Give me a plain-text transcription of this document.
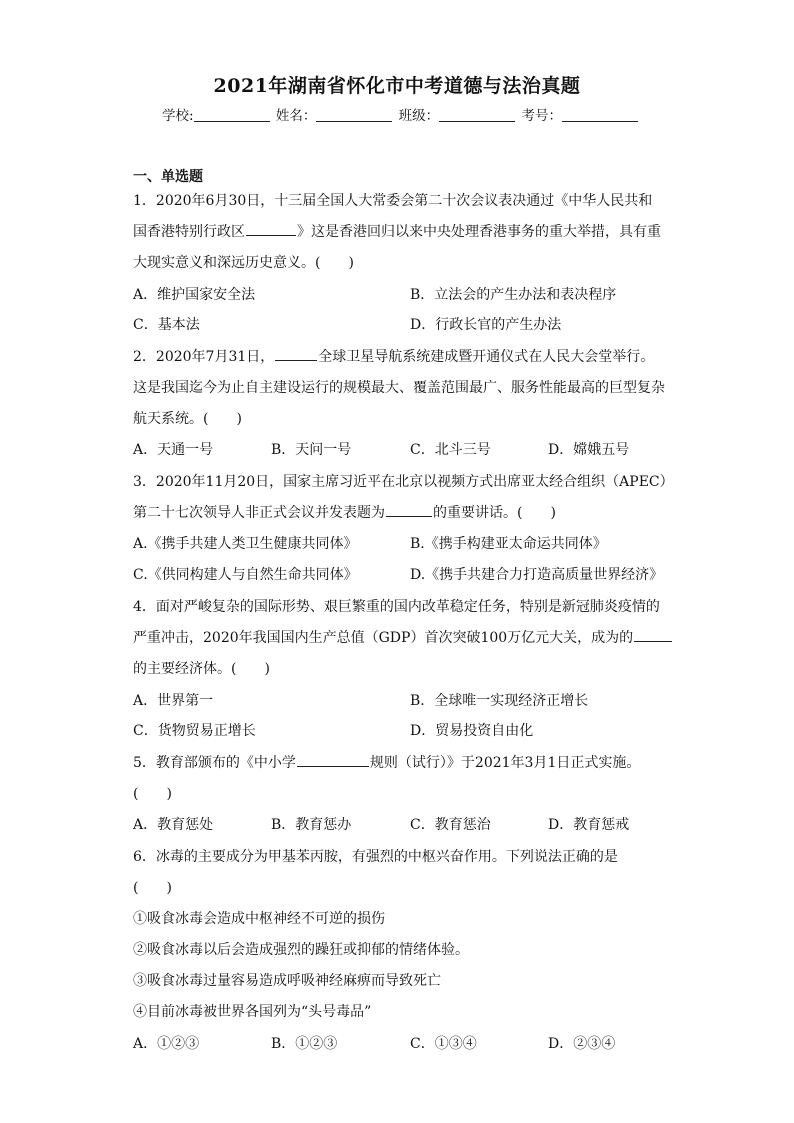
2021年湖南省怀化市中考道德与法治真题
学校:	姓名：	班级：	考号：
一、单选题
1．2020年6月30日，十三届全国人大常委会第二十次会议表决通过《中华人民共和
国香港特别行政区	》这是香港回归以来中央处理香港事务的重大举措，具有重
大现实意义和深远历史意义。(　　)
A．维护国家安全法	B．立法会的产生办法和表决程序
C．基本法	D．行政长官的产生办法
2．2020年7月31日，	全球卫星导航系统建成暨开通仪式在人民大会堂举行。
这是我国迄今为止自主建设运行的规模最大、覆盖范围最广、服务性能最高的巨型复杂
航天系统。(　　)
A．天通一号	B．天问一号	C．北斗三号	D．嫦娥五号
3．2020年11月20日，国家主席习近平在北京以视频方式出席亚太经合组织（APEC）
第二十七次领导人非正式会议并发表题为	的重要讲话。(　　)
A.《携手共建人类卫生健康共同体》	B.《携手构建亚太命运共同体》
C.《供同构建人与自然生命共同体》	D.《携手共建合力打造高质量世界经济》
4．面对严峻复杂的国际形势、艰巨繁重的国内改革稳定任务，特别是新冠肺炎疫情的
严重冲击，2020年我国国内生产总值（GDP）首次突破100万亿元大关，成为的
的主要经济体。(　　)
A．世界第一	B．全球唯一实现经济正增长
C．货物贸易正增长	D．贸易投资自由化
5．教育部颁布的《中小学	规则（试行）》于2021年3月1日正式实施。
(　　)
A．教育惩处	B．教育惩办	C．教育惩治	D．教育惩戒
6．冰毒的主要成分为甲基苯丙胺，有强烈的中枢兴奋作用。下列说法正确的是
(　　)
①吸食冰毒会造成中枢神经不可逆的损伤
②吸食冰毒以后会造成强烈的躁狂或抑郁的情绪体验。
③吸食冰毒过量容易造成呼吸神经麻痹而导致死亡
④目前冰毒被世界各国列为“头号毒品”
A．①②③	B．①②③	C．①③④	D．②③④
